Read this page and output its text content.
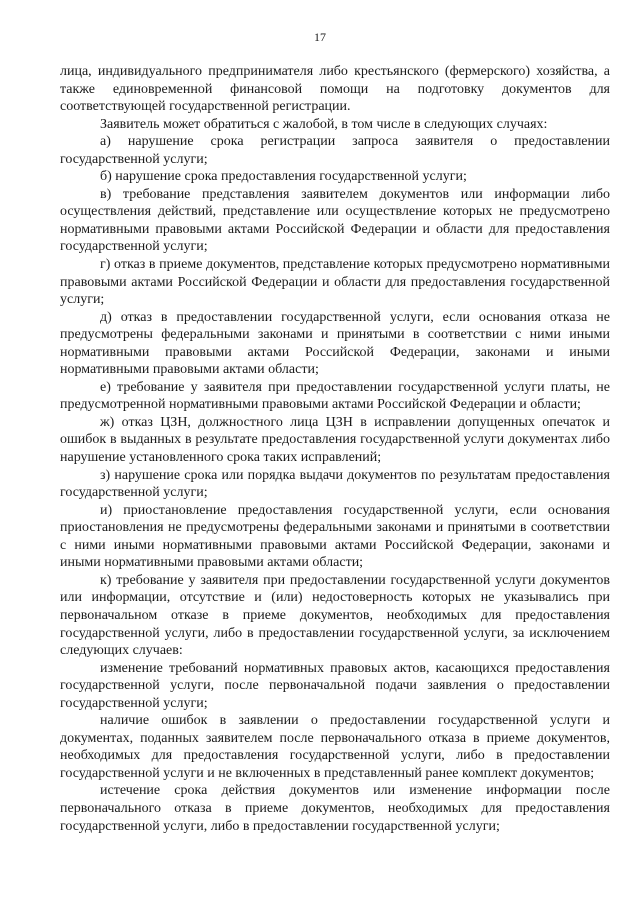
17

лица, индивидуального предпринимателя либо крестьянского (фермерского) хозяйства, а также единовременной финансовой помощи на подготовку документов для соответствующей государственной регистрации.

Заявитель может обратиться с жалобой, в том числе в следующих случаях:

а) нарушение срока регистрации запроса заявителя о предоставлении государственной услуги;

б) нарушение срока предоставления государственной услуги;

в) требование представления заявителем документов или информации либо осуществления действий, представление или осуществление которых не предусмотрено нормативными правовыми актами Российской Федерации и области для предоставления государственной услуги;

г) отказ в приеме документов, представление которых предусмотрено нормативными правовыми актами Российской Федерации и области для предоставления государственной услуги;

д) отказ в предоставлении государственной услуги, если основания отказа не предусмотрены федеральными законами и принятыми в соответствии с ними иными нормативными правовыми актами Российской Федерации, законами и иными нормативными правовыми актами области;

е) требование у заявителя при предоставлении государственной услуги платы, не предусмотренной нормативными правовыми актами Российской Федерации и области;

ж) отказ ЦЗН, должностного лица ЦЗН в исправлении допущенных опечаток и ошибок в выданных в результате предоставления государственной услуги документах либо нарушение установленного срока таких исправлений;

з) нарушение срока или порядка выдачи документов по результатам предоставления государственной услуги;

и) приостановление предоставления государственной услуги, если основания приостановления не предусмотрены федеральными законами и принятыми в соответствии с ними иными нормативными правовыми актами Российской Федерации, законами и иными нормативными правовыми актами области;

к) требование у заявителя при предоставлении государственной услуги документов или информации, отсутствие и (или) недостоверность которых не указывались при первоначальном отказе в приеме документов, необходимых для предоставления государственной услуги, либо в предоставлении государственной услуги, за исключением следующих случаев:

изменение требований нормативных правовых актов, касающихся предоставления государственной услуги, после первоначальной подачи заявления о предоставлении государственной услуги;

наличие ошибок в заявлении о предоставлении государственной услуги и документах, поданных заявителем после первоначального отказа в приеме документов, необходимых для предоставления государственной услуги, либо в предоставлении государственной услуги и не включенных в представленный ранее комплект документов;

истечение срока действия документов или изменение информации после первоначального отказа в приеме документов, необходимых для предоставления государственной услуги, либо в предоставлении государственной услуги;
